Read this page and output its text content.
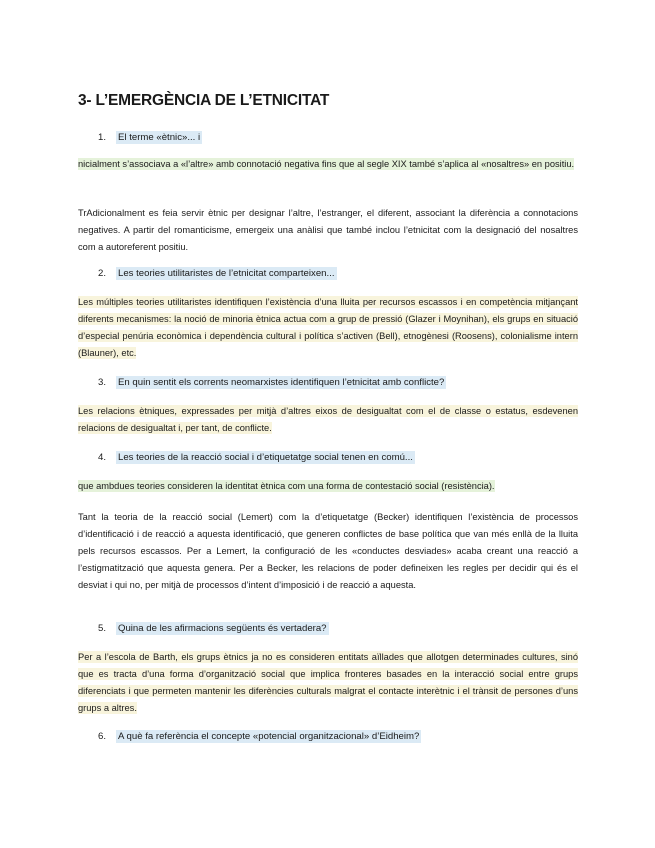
3- L’EMERGÈNCIA DE L’ETNICITAT
1. El terme «ètnic»... i

nicialment s’associava a «l’altre» amb connotació negativa fins que al segle XIX també s’aplica al «nosaltres» en positiu.

TrAdicionalment es feia servir ètnic per designar l’altre, l’estranger, el diferent, associant la diferència a connotacions negatives. A partir del romanticisme, emergeix una anàlisi que també inclou l’etnicitat com la designació del nosaltres com a autoreferent positiu.

2. Les teories utilitaristes de l’etnicitat comparteixen...

Les múltiples teories utilitaristes identifiquen l’existència d’una lluita per recursos escassos i en competència mitjançant diferents mecanismes: la noció de minoria ètnica actua com a grup de pressió (Glazer i Moynihan), els grups en situació d’especial penúria econòmica i dependència cultural i política s’activen (Bell), etnogènesi (Roosens), colonialisme intern (Blauner), etc.

3. En quin sentit els corrents neomarxistes identifiquen l’etnicitat amb conflicte?

Les relacions ètniques, expressades per mitjà d’altres eixos de desigualtat com el de classe o estatus, esdevenen relacions de desigualtat i, per tant, de conflicte.

4. Les teories de la reacció social i d’etiquetatge social tenen en comú...

que ambdues teories consideren la identitat ètnica com una forma de contestació social (resistència).

Tant la teoria de la reacció social (Lemert) com la d’etiquetatge (Becker) identifiquen l’existència de processos d’identificació i de reacció a aquesta identificació, que generen conflictes de base política que van més enllà de la lluita pels recursos escassos. Per a Lemert, la configuració de les «conductes desviades» acaba creant una reacció a l’estigmatització que aquesta genera. Per a Becker, les relacions de poder defineixen les regles per decidir qui és el desviat i qui no, per mitjà de processos d’intent d’imposició i de reacció a aquesta.

5. Quina de les afirmacions següents és vertadera?

Per a l’escola de Barth, els grups ètnics ja no es consideren entitats aïllades que allotgen determinades cultures, sinó que es tracta d’una forma d’organització social que implica fronteres basades en la interacció social entre grups diferenciats i que permeten mantenir les diferències culturals malgrat el contacte interètnic i el trànsit de persones d’uns grups a altres.

6. A què fa referència el concepte «potencial organitzacional» d’Eidheim?
